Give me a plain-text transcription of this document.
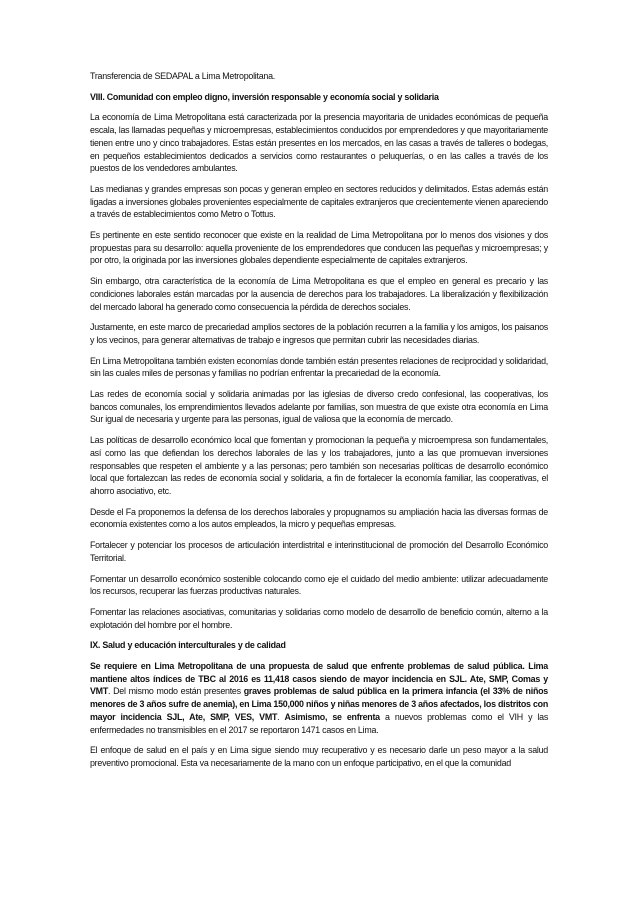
Transferencia de SEDAPAL a Lima Metropolitana.

VIII. Comunidad con empleo digno, inversión responsable y economía social y solidaria

La economía de Lima Metropolitana está caracterizada por la presencia mayoritaria de unidades económicas de pequeña escala, las llamadas pequeñas y microempresas, establecimientos conducidos por emprendedores y que mayoritariamente tienen entre uno y cinco trabajadores. Estas están presentes en los mercados, en las casas a través de talleres o bodegas, en pequeños establecimientos dedicados a servicios como restaurantes o peluquerías, o en las calles a través de los puestos de los vendedores ambulantes.

Las medianas y grandes empresas son pocas y generan empleo en sectores reducidos y delimitados. Estas además están ligadas a inversiones globales provenientes especialmente de capitales extranjeros que crecientemente vienen apareciendo a través de establecimientos como Metro o Tottus.

Es pertinente en este sentido reconocer que existe en la realidad de Lima Metropolitana por lo menos dos visiones y dos propuestas para su desarrollo: aquella proveniente de los emprendedores que conducen las pequeñas y microempresas; y por otro, la originada por las inversiones globales dependiente especialmente de capitales extranjeros.

Sin embargo, otra característica de la economía de Lima Metropolitana es que el empleo en general es precario y las condiciones laborales están marcadas por la ausencia de derechos para los trabajadores. La liberalización y flexibilización del mercado laboral ha generado como consecuencia la pérdida de derechos sociales.

Justamente, en este marco de precariedad amplios sectores de la población recurren a la familia y los amigos, los paisanos y los vecinos, para generar alternativas de trabajo e ingresos que permitan cubrir las necesidades diarias.

En Lima Metropolitana también existen economías donde también están presentes relaciones de reciprocidad y solidaridad, sin las cuales miles de personas y familias no podrían enfrentar la precariedad de la economía.

Las redes de economía social y solidaria animadas por las iglesias de diverso credo confesional, las cooperativas, los bancos comunales, los emprendimientos llevados adelante por familias, son muestra de que existe otra economía en Lima Sur igual de necesaria y urgente para las personas, igual de valiosa que la economía de mercado.

Las políticas de desarrollo económico local que fomentan y promocionan la pequeña y microempresa son fundamentales, así como las que defiendan los derechos laborales de las y los trabajadores, junto a las que promuevan inversiones responsables que respeten el ambiente y a las personas; pero también son necesarias políticas de desarrollo económico local que fortalezcan las redes de economía social y solidaria, a fin de fortalecer la economía familiar, las cooperativas, el ahorro asociativo, etc.

Desde el Fa proponemos la defensa de los derechos laborales y propugnamos su ampliación hacia las diversas formas de economía existentes como a los autos empleados, la micro y pequeñas empresas.

Fortalecer y potenciar los procesos de articulación interdistrital e interinstitucional de promoción del Desarrollo Económico Territorial.

Fomentar un desarrollo económico sostenible colocando como eje el cuidado del medio ambiente: utilizar adecuadamente los recursos, recuperar las fuerzas productivas naturales.

Fomentar las relaciones asociativas, comunitarias y solidarias como modelo de desarrollo de beneficio común, alterno a la explotación del hombre por el hombre.

IX. Salud y educación interculturales y de calidad

Se requiere en Lima Metropolitana de una propuesta de salud que enfrente problemas de salud pública. Lima mantiene altos índices de TBC al 2016 es 11,418 casos siendo de mayor incidencia en SJL. Ate, SMP, Comas y VMT. Del mismo modo están presentes graves problemas de salud pública en la primera infancia (el 33% de niños menores de 3 años sufre de anemia), en Lima 150,000 niños y niñas menores de 3 años afectados, los distritos con mayor incidencia SJL, Ate, SMP, VES, VMT. Asimismo, se enfrenta a nuevos problemas como el VIH y las enfermedades no transmisibles en el 2017 se reportaron 1471 casos en Lima.

El enfoque de salud en el país y en Lima sigue siendo muy recuperativo y es necesario darle un peso mayor a la salud preventivo promocional. Esta va necesariamente de la mano con un enfoque participativo, en el que la comunidad
